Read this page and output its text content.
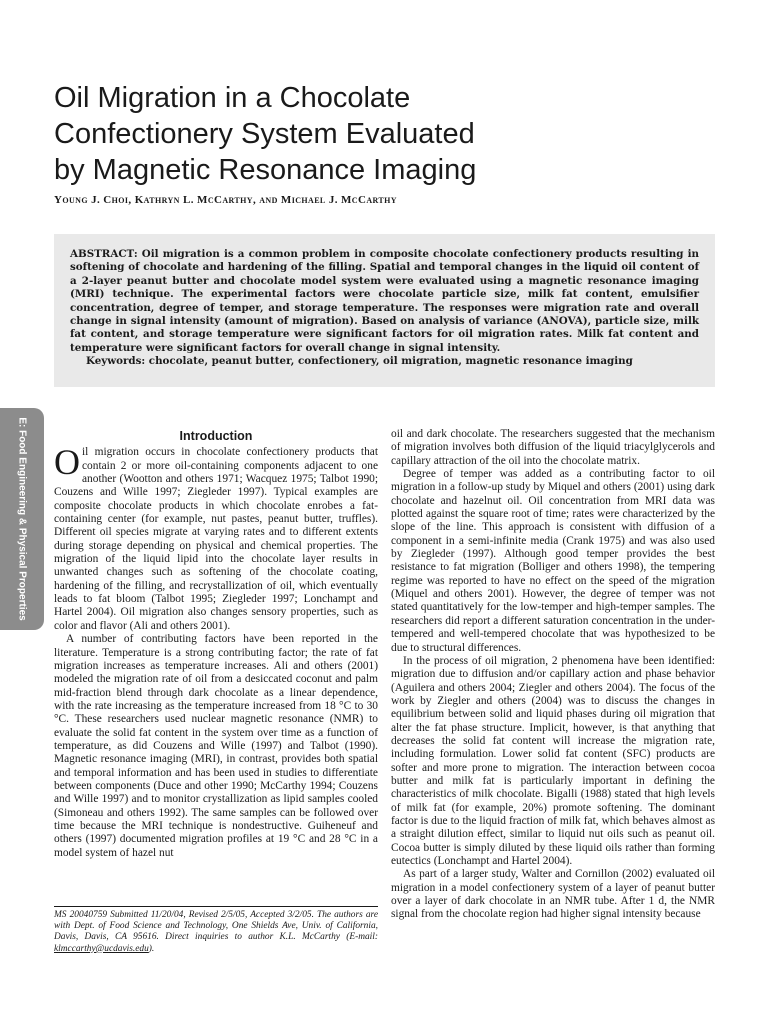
Oil Migration in a Chocolate
Confectionery System Evaluated
by Magnetic Resonance Imaging
Young J. Choi, Kathryn L. McCarthy, and Michael J. McCarthy

ABSTRACT: Oil migration is a common problem in composite chocolate confectionery products resulting in softening of chocolate and hardening of the filling. Spatial and temporal changes in the liquid oil content of a 2-layer peanut butter and chocolate model system were evaluated using a magnetic resonance imaging (MRI) technique. The experimental factors were chocolate particle size, milk fat content, emulsifier concentration, degree of temper, and storage temperature. The responses were migration rate and overall change in signal intensity (amount of migration). Based on analysis of variance (ANOVA), particle size, milk fat content, and storage temperature were significant factors for oil migration rates. Milk fat content and temperature were significant factors for overall change in signal intensity.

Keywords: chocolate, peanut butter, confectionery, oil migration, magnetic resonance imaging

E: Food Engineering & Physical Properties	Introduction

Oil migration occurs in chocolate confectionery products that contain 2 or more oil-containing components adjacent to one another (Wootton and others 1971; Wacquez 1975; Talbot 1990; Couzens and Wille 1997; Ziegleder 1997). Typical examples are composite chocolate products in which chocolate enrobes a fat-containing center (for example, nut pastes, peanut butter, truffles). Different oil species migrate at varying rates and to different extents during storage depending on physical and chemical properties. The migration of the liquid lipid into the chocolate layer results in unwanted changes such as softening of the chocolate coating, hardening of the filling, and recrystallization of oil, which eventually leads to fat bloom (Talbot 1995; Ziegleder 1997; Lonchampt and Hartel 2004). Oil migration also changes sensory properties, such as color and flavor (Ali and others 2001).

A number of contributing factors have been reported in the literature. Temperature is a strong contributing factor; the rate of fat migration increases as temperature increases. Ali and others (2001) modeled the migration rate of oil from a desiccated coconut and palm mid-fraction blend through dark chocolate as a linear dependence, with the rate increasing as the temperature increased from 18 °C to 30 °C. These researchers used nuclear magnetic resonance (NMR) to evaluate the solid fat content in the system over time as a function of temperature, as did Couzens and Wille (1997) and Talbot (1990). Magnetic resonance imaging (MRI), in contrast, provides both spatial and temporal information and has been used in studies to differentiate between components (Duce and other 1990; McCarthy 1994; Couzens and Wille 1997) and to monitor crystallization as lipid samples cooled (Simoneau and others 1992). The same samples can be followed over time because the MRI technique is nondestructive. Guiheneuf and others (1997) documented migration profiles at 19 °C and 28 °C in a model system of hazel nut

oil and dark chocolate. The researchers suggested that the mechanism of migration involves both diffusion of the liquid triacylglycerols and capillary attraction of the oil into the chocolate matrix.

Degree of temper was added as a contributing factor to oil migration in a follow-up study by Miquel and others (2001) using dark chocolate and hazelnut oil. Oil concentration from MRI data was plotted against the square root of time; rates were characterized by the slope of the line. This approach is consistent with diffusion of a component in a semi-infinite media (Crank 1975) and was also used by Ziegleder (1997). Although good temper provides the best resistance to fat migration (Bolliger and others 1998), the tempering regime was reported to have no effect on the speed of the migration (Miquel and others 2001). However, the degree of temper was not stated quantitatively for the low-temper and high-temper samples. The researchers did report a different saturation concentration in the under-tempered and well-tempered chocolate that was hypothesized to be due to structural differences.

In the process of oil migration, 2 phenomena have been identified: migration due to diffusion and/or capillary action and phase behavior (Aguilera and others 2004; Ziegler and others 2004). The focus of the work by Ziegler and others (2004) was to discuss the changes in equilibrium between solid and liquid phases during oil migration that alter the fat phase structure. Implicit, however, is that anything that decreases the solid fat content will increase the migration rate, including formulation. Lower solid fat content (SFC) products are softer and more prone to migration. The interaction between cocoa butter and milk fat is particularly important in defining the characteristics of milk chocolate. Bigalli (1988) stated that high levels of milk fat (for example, 20%) promote softening. The dominant factor is due to the liquid fraction of milk fat, which behaves almost as a straight dilution effect, similar to liquid nut oils such as peanut oil. Cocoa butter is simply diluted by these liquid oils rather than forming eutectics (Lonchampt and Hartel 2004).

As part of a larger study, Walter and Cornillon (2002) evaluated oil migration in a model confectionery system of a layer of peanut butter over a layer of dark chocolate in an NMR tube. After 1 d, the NMR signal from the chocolate region had higher signal intensity because

MS 20040759 Submitted 11/20/04, Revised 2/5/05, Accepted 3/2/05. The authors are with Dept. of Food Science and Technology, One Shields Ave, Univ. of California, Davis, Davis, CA 95616. Direct inquiries to author K.L. McCarthy (E-mail: klmccarthy@ucdavis.edu).
